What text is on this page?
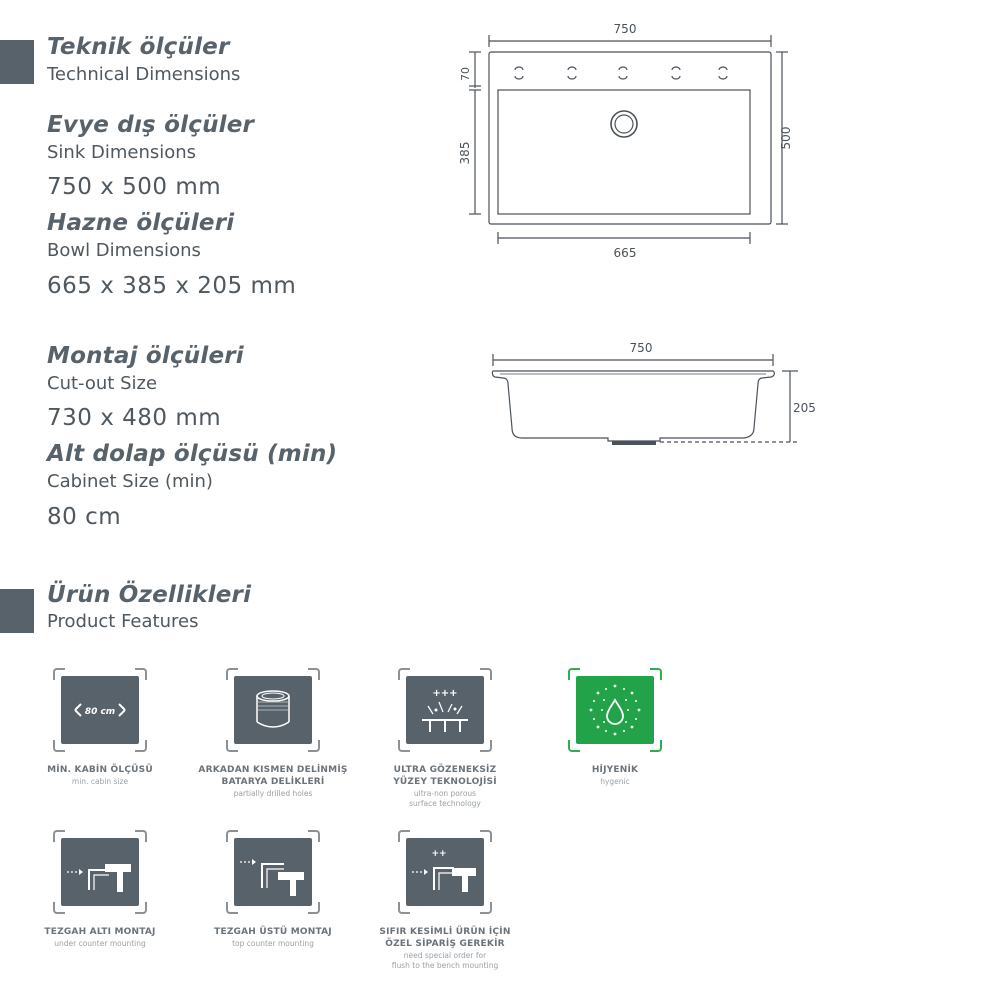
Teknik ölçüler
Technical Dimensions
Evye dış ölçüler
Sink Dimensions
750 x 500 mm
Hazne ölçüleri
Bowl Dimensions
665 x 385 x 205 mm
Montaj ölçüleri
Cut-out Size
730 x 480 mm
Alt dolap ölçüsü (min)
Cabinet Size (min)
80 cm
Ürün Özellikleri
Product Features
750
665
500
70
385
750
205
80 cm
MİN. KABİN ÖLÇÜSÜ
min. cabin size
ARKADAN KISMEN DELİNMİŞ
BATARYA DELİKLERİ
partially drilled holes
+++
ULTRA GÖZENEKSİZ
YÜZEY TEKNOLOJİSİ
ultra-non porous
surface technology
HİJYENİK
hygenic
TEZGAH ALTI MONTAJ
under counter mounting
TEZGAH ÜSTÜ MONTAJ
top counter mounting
++
SIFIR KESİMLİ ÜRÜN İÇİN
ÖZEL SİPARİŞ GEREKİR
need special order for
flush to the bench mounting
